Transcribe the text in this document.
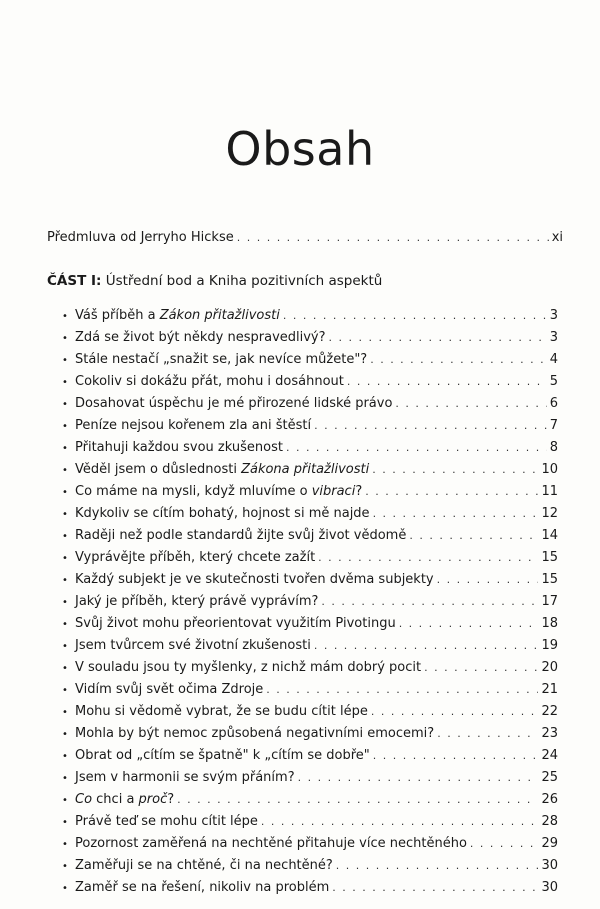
Obsah
Předmluva od Jerryho Hickse . . .	xi
ČÁST I: Ústřední bod a Kniha pozitivních aspektů
• Váš příběh a Zákon přitažlivosti . . .	3
• Zdá se život být někdy nespravedlivý? . . .	3
• Stále nestačí „snažit se, jak nevíce můžete"? . . .	4
• Cokoliv si dokážu přát, mohu i dosáhnout . . .	5
• Dosahovat úspěchu je mé přirozené lidské právo . . .	6
• Peníze nejsou kořenem zla ani štěstí . . .	7
• Přitahuji každou svou zkušenost . . .	8
• Věděl jsem o důslednosti Zákona přitažlivosti . . .	10
• Co máme na mysli, když mluvíme o vibraci? . . .	11
• Kdykoliv se cítím bohatý, hojnost si mě najde . . .	12
• Raději než podle standardů žijte svůj život vědomě . . .	14
• Vyprávějte příběh, který chcete zažít . . .	15
• Každý subjekt je ve skutečnosti tvořen dvěma subjekty . . .	15
• Jaký je příběh, který právě vyprávím? . . .	17
• Svůj život mohu přeorientovat využitím Pivotingu . . .	18
• Jsem tvůrcem své životní zkušenosti . . .	19
• V souladu jsou ty myšlenky, z nichž mám dobrý pocit . . .	20
• Vidím svůj svět očima Zdroje . . .	21
• Mohu si vědomě vybrat, že se budu cítit lépe . . .	22
• Mohla by být nemoc způsobená negativními emocemi? . . .	23
• Obrat od „cítím se špatně" k „cítím se dobře" . . .	24
• Jsem v harmonii se svým přáním? . . .	25
• Co chci a proč? . . .	26
• Právě teď se mohu cítit lépe . . .	28
• Pozornost zaměřená na nechtěné přitahuje více nechtěného . . .	29
• Zaměřuji se na chtěné, či na nechtěné? . . .	30
• Zaměř se na řešení, nikoliv na problém . . .	30
